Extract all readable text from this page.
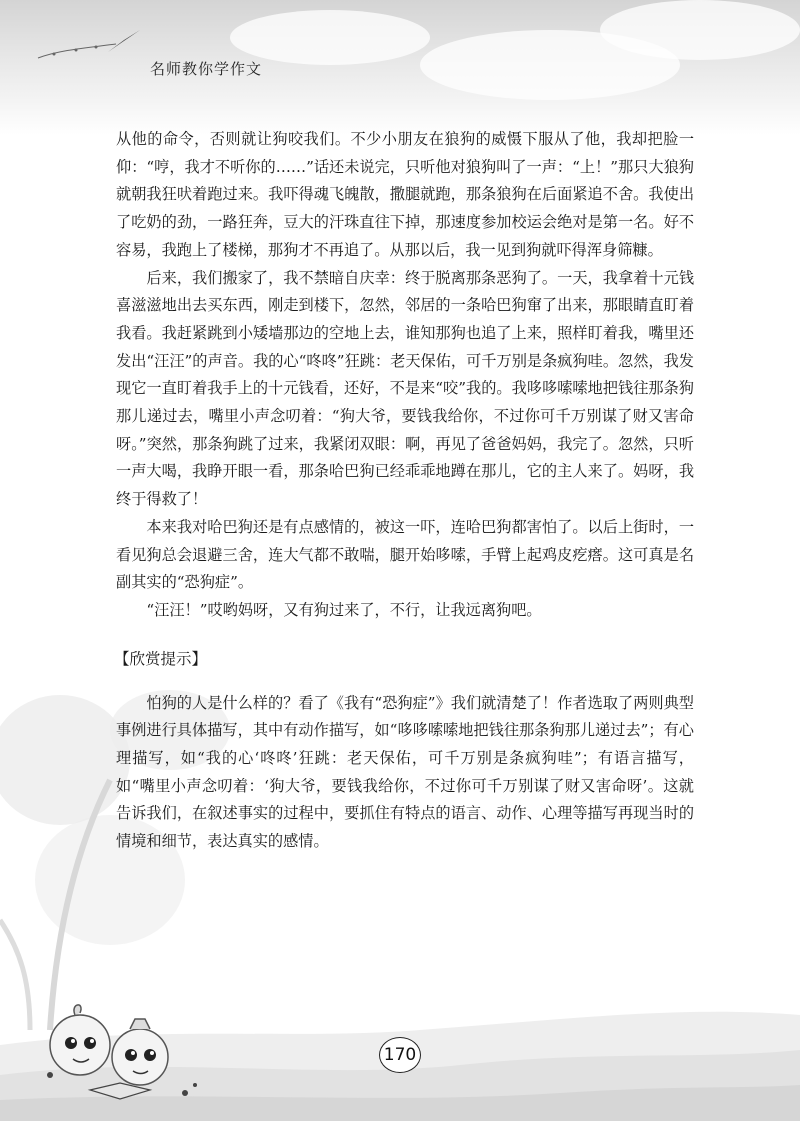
名师教你学作文

从他的命令，否则就让狗咬我们。不少小朋友在狼狗的威慑下服从了他，我却把脸一仰：“哼，我才不听你的……”话还未说完，只听他对狼狗叫了一声：“上！”那只大狼狗就朝我狂吠着跑过来。我吓得魂飞魄散，撒腿就跑，那条狼狗在后面紧追不舍。我使出了吃奶的劲，一路狂奔，豆大的汗珠直往下掉，那速度参加校运会绝对是第一名。好不容易，我跑上了楼梯，那狗才不再追了。从那以后，我一见到狗就吓得浑身筛糠。

后来，我们搬家了，我不禁暗自庆幸：终于脱离那条恶狗了。一天，我拿着十元钱喜滋滋地出去买东西，刚走到楼下，忽然，邻居的一条哈巴狗窜了出来，那眼睛直盯着我看。我赶紧跳到小矮墙那边的空地上去，谁知那狗也追了上来，照样盯着我，嘴里还发出“汪汪”的声音。我的心“咚咚”狂跳：老天保佑，可千万别是条疯狗哇。忽然，我发现它一直盯着我手上的十元钱看，还好，不是来“咬”我的。我哆哆嗦嗦地把钱往那条狗那儿递过去，嘴里小声念叨着：“狗大爷，要钱我给你，不过你可千万别谋了财又害命呀。”突然，那条狗跳了过来，我紧闭双眼：啊，再见了爸爸妈妈，我完了。忽然，只听一声大喝，我睁开眼一看，那条哈巴狗已经乖乖地蹲在那儿，它的主人来了。妈呀，我终于得救了！

本来我对哈巴狗还是有点感情的，被这一吓，连哈巴狗都害怕了。以后上街时，一看见狗总会退避三舍，连大气都不敢喘，腿开始哆嗦，手臂上起鸡皮疙瘩。这可真是名副其实的“恐狗症”。

“汪汪！”哎哟妈呀，又有狗过来了，不行，让我远离狗吧。

【欣赏提示】

怕狗的人是什么样的？看了《我有“恐狗症”》我们就清楚了！作者选取了两则典型事例进行具体描写，其中有动作描写，如“哆哆嗦嗦地把钱往那条狗那儿递过去”；有心理描写，如“我的心‘咚咚’狂跳：老天保佑，可千万别是条疯狗哇”；有语言描写，如“嘴里小声念叨着：‘狗大爷，要钱我给你，不过你可千万别谋了财又害命呀’。这就告诉我们，在叙述事实的过程中，要抓住有特点的语言、动作、心理等描写再现当时的情境和细节，表达真实的感情。

170
